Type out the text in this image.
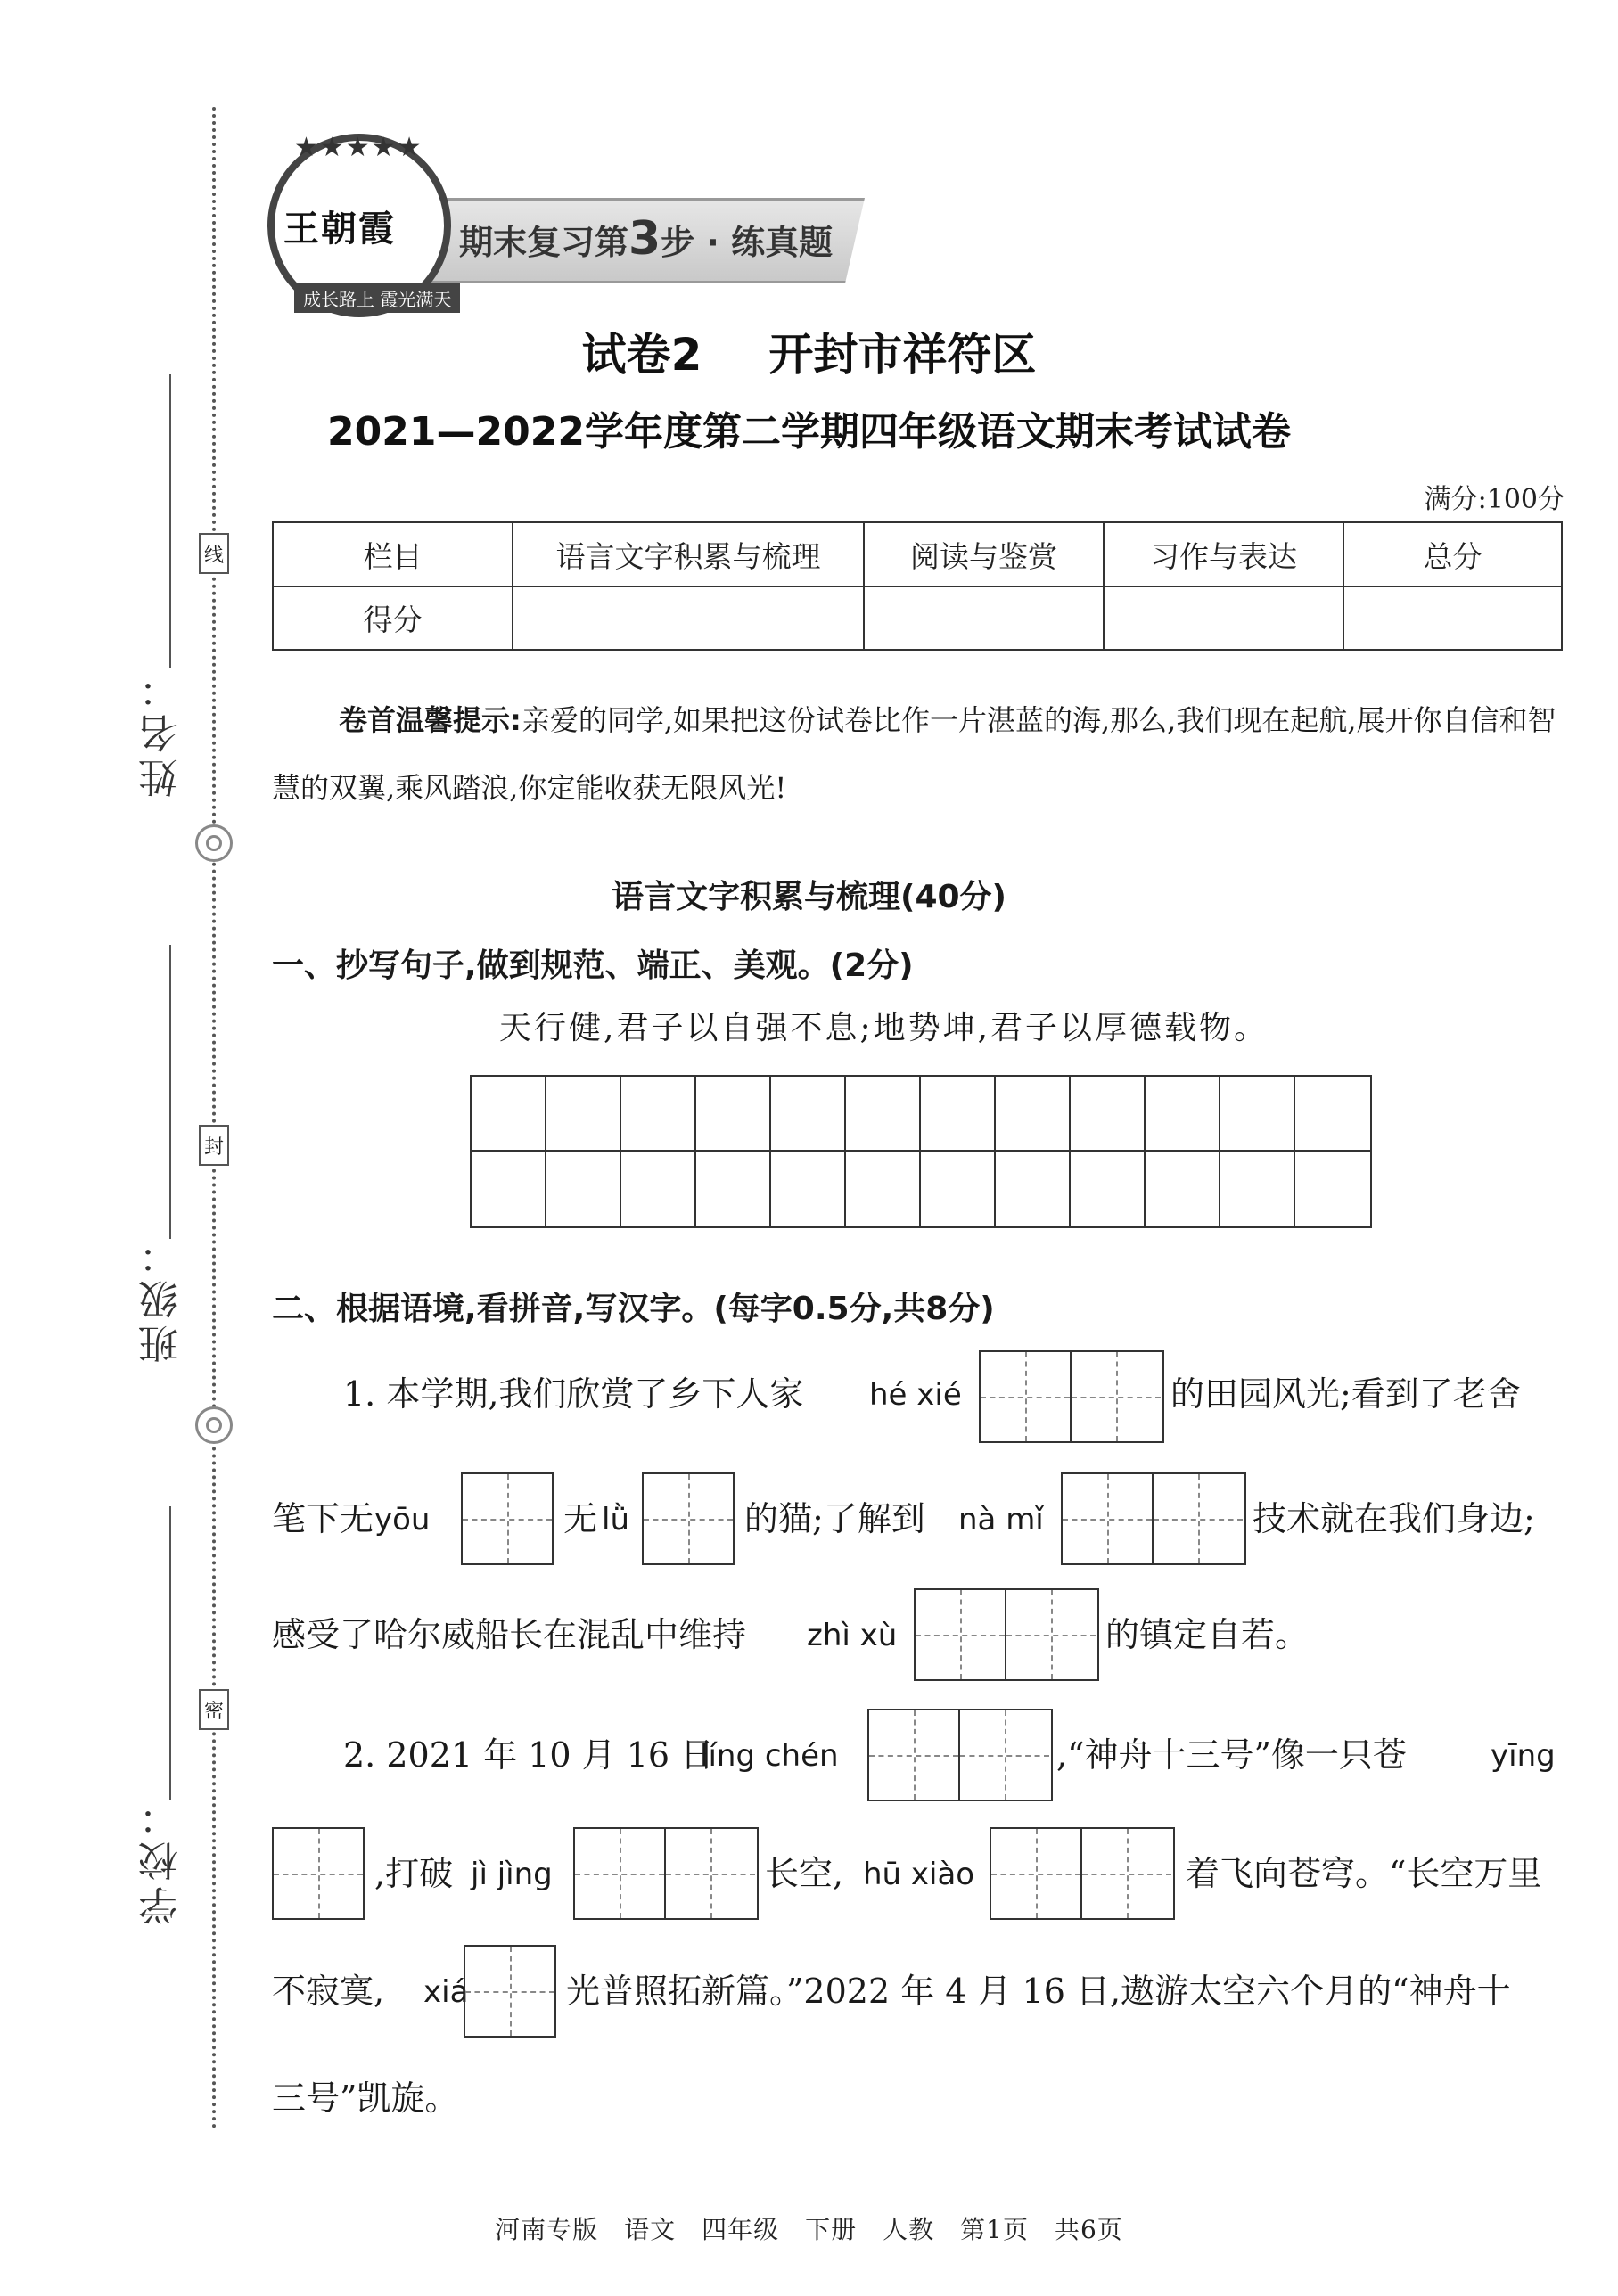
姓名：
线
班级：
封
学校：
密
期末复习第3步 · 练真题
★★★★★
王朝霞
成长路上 霞光满天
试卷2 开封市祥符区
2021—2022学年度第二学期四年级语文期末考试试卷
满分:100分
栏目	语言文字积累与梳理	阅读与鉴赏	习作与表达	总分
得分				
卷首温馨提示:亲爱的同学,如果把这份试卷比作一片湛蓝的海,那么,我们现在起航,展开你自信和智慧的双翼,乘风踏浪,你定能收获无限风光!
语言文字积累与梳理(40分)
一、抄写句子,做到规范、端正、美观。(2分)
天行健,君子以自强不息;地势坤,君子以厚德载物。
二、根据语境,看拼音,写汉字。(每字0.5分,共8分)
1. 本学期,我们欣赏了乡下人家 hé xié	的田园风光;看到了老舍
笔下无 yōu	无 lǜ	的猫;了解到 nà mǐ	技术就在我们身边;
感受了哈尔威船长在混乱中维持 zhì xù	的镇定自若。
2. 2021 年 10 月 16 日
líng chén	,“神舟十三号”像一只苍	yīng
,打破 jì jìng	长空, hū xiào	着飞向苍穹。“长空万里
不寂寞, xiá	光普照拓新篇。”2022 年 4 月 16 日,遨游太空六个月的“神舟十
三号”凯旋。
河南专版　语文　四年级　下册　人教　第1页　共6页
